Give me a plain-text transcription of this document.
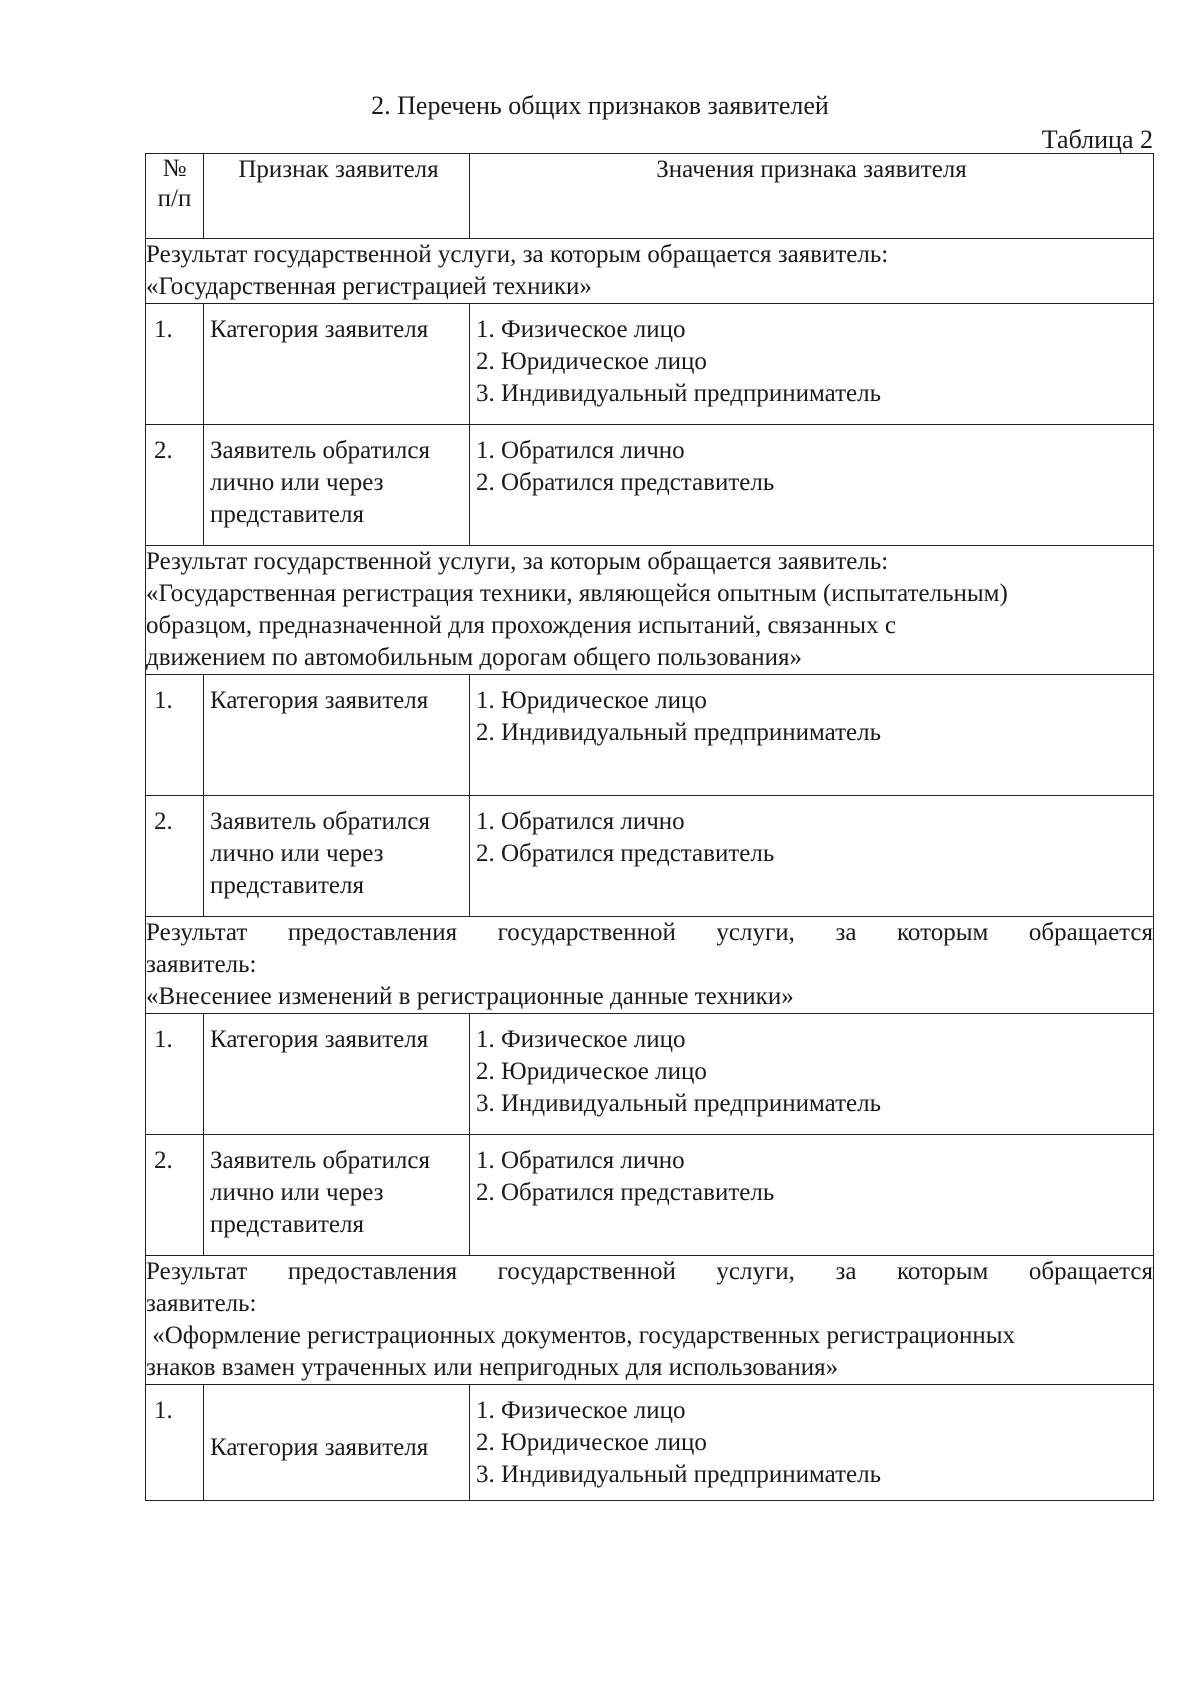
2. Перечень общих признаков заявителей
Таблица 2
№
п/п	Признак заявителя	Значения признака заявителя

Результат государственной услуги, за которым обращается заявитель:
«Государственная регистрацией техники»		

1.	Категория заявителя	1. Физическое лицо
2. Юридическое лицо
3. Индивидуальный предприниматель

2.	Заявитель обратился
лично или через
представителя	1. Обратился лично
2. Обратился представитель

Результат государственной услуги, за которым обращается заявитель:
«Государственная регистрация техники, являющейся опытным (испытательным)
образцом, предназначенной для прохождения испытаний, связанных с
движением по автомобильным дорогам общего пользования»		

1.	Категория заявителя	1. Юридическое лицо
2. Индивидуальный предприниматель

2.	Заявитель обратился
лично или через
представителя	1. Обратился лично
2. Обратился представитель

Результат предоставления государственной услуги, за которым обращается
заявитель:
«Внесениее изменений в регистрационные данные техники»		

1.	Категория заявителя	1. Физическое лицо
2. Юридическое лицо
3. Индивидуальный предприниматель

2.	Заявитель обратился
лично или через
представителя	1. Обратился лично
2. Обратился представитель

Результат предоставления государственной услуги, за которым обращается
заявитель:
«Оформление регистрационных документов, государственных регистрационных
знаков взамен утраченных или непригодных для использования»		

1.	Категория заявителя	1. Физическое лицо
2. Юридическое лицо
3. Индивидуальный предприниматель
